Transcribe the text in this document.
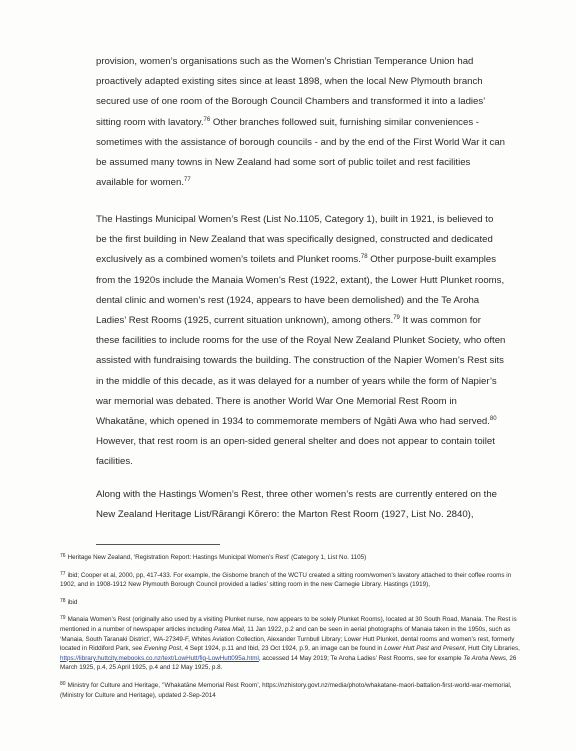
provision, women’s organisations such as the Women’s Christian Temperance Union had proactively adapted existing sites since at least 1898, when the local New Plymouth branch secured use of one room of the Borough Council Chambers and transformed it into a ladies’ sitting room with lavatory.$^{76}$ Other branches followed suit, furnishing similar conveniences - sometimes with the assistance of borough councils - and by the end of the First World War it can be assumed many towns in New Zealand had some sort of public toilet and rest facilities available for women.$^{77}$

The Hastings Municipal Women’s Rest (List No.1105, Category 1), built in 1921, is believed to be the first building in New Zealand that was specifically designed, constructed and dedicated exclusively as a combined women’s toilets and Plunket rooms.$^{78}$ Other purpose-built examples from the 1920s include the Manaia Women’s Rest (1922, extant), the Lower Hutt Plunket rooms, dental clinic and women’s rest (1924, appears to have been demolished) and the Te Aroha Ladies’ Rest Rooms (1925, current situation unknown), among others.$^{79}$ It was common for these facilities to include rooms for the use of the Royal New Zealand Plunket Society, who often assisted with fundraising towards the building. The construction of the Napier Women’s Rest sits in the middle of this decade, as it was delayed for a number of years while the form of Napier’s war memorial was debated. There is another World War One Memorial Rest Room in Whakatāne, which opened in 1934 to commemorate members of Ngāti Awa who had served.$^{80}$ However, that rest room is an open-sided general shelter and does not appear to contain toilet facilities.

Along with the Hastings Women’s Rest, three other women’s rests are currently entered on the New Zealand Heritage List/Rārangi Kōrero: the Marton Rest Room (1927, List No. 2840),

$^{76}$ Heritage New Zealand, ‘Registration Report: Hastings Municipal Women’s Rest’ (Category 1, List No. 1105)
$^{77}$ ibid; Cooper et al, 2000, pp, 417-433. For example, the Gisborne branch of the WCTU created a sitting room/women’s lavatory attached to their coffee rooms in 1902, and in 1908-1912 New Plymouth Borough Council provided a ladies’ sitting room in the new Carnegie Library. Hastings (1919),
$^{78}$ ibid
$^{79}$ Manaia Women’s Rest (originally also used by a visiting Plunket nurse, now appears to be solely Plunket Rooms), located at 30 South Road, Manaia. The Rest is mentioned in a number of newspaper articles including Patea Mail, 11 Jan 1922, p.2 and can be seen in aerial photographs of Manaia taken in the 1950s, such as ‘Manaia, South Taranaki District’, WA-27349-F, Whites Aviation Collection, Alexander Turnbull Library; Lower Hutt Plunket, dental rooms and women’s rest, formerly located in Riddiford Park, see Evening Post, 4 Sept 1924, p.11 and Ibid, 23 Oct 1924, p.9, an image can be found in Lower Hutt Past and Present, Hutt City Libraries, https://library.huttcity.mebooks.co.nz/text/LowHutt/fig-LowHutt095a.html, accessed 14 May 2019; Te Aroha Ladies’ Rest Rooms, see for example Te Aroha News, 26 March 1925, p.4, 25 April 1925, p.4 and 12 May 1925, p.8.
$^{80}$ Ministry for Culture and Heritage, ‘’Whakatāne Memorial Rest Room’, https://nzhistory.govt.nz/media/photo/whakatane-maori-battalion-first-world-war-memorial, (Ministry for Culture and Heritage), updated 2-Sep-2014
